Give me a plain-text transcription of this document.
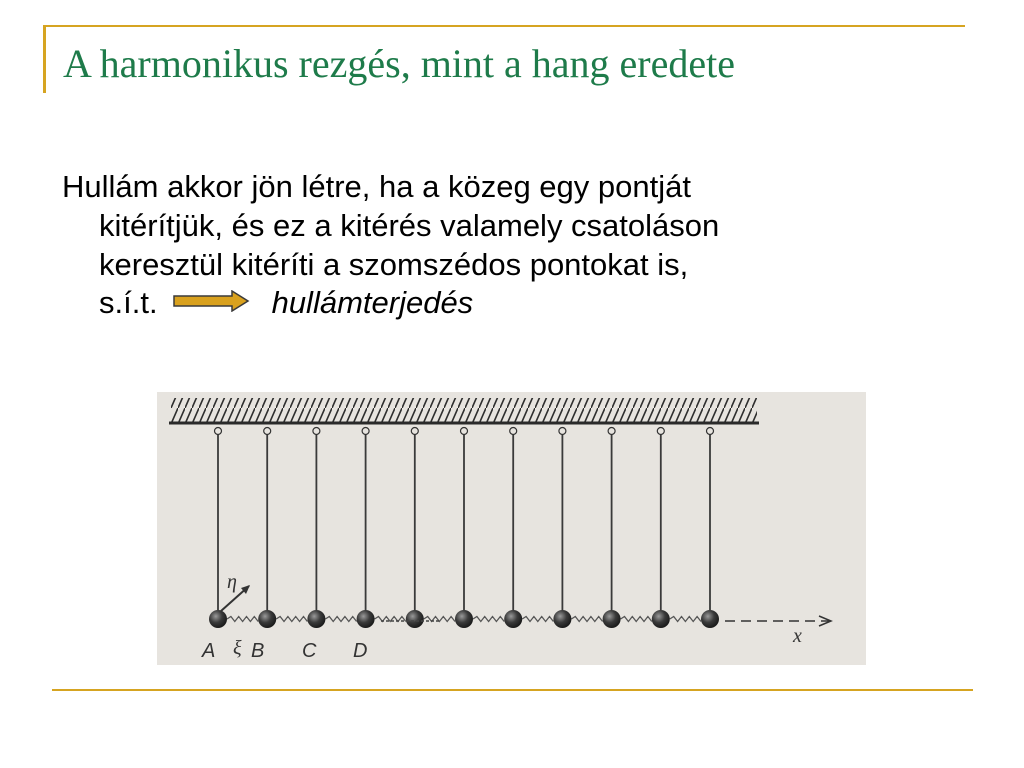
A harmonikus rezgés, mint a hang eredete
Hullám akkor jön létre, ha a közeg egy pontját
kitérítjük, és ez a kitérés valamely csatoláson
keresztül kitéríti a szomszédos pontokat is,
s.í.t.	hullámterjedés
η
A ξ B C D
x
